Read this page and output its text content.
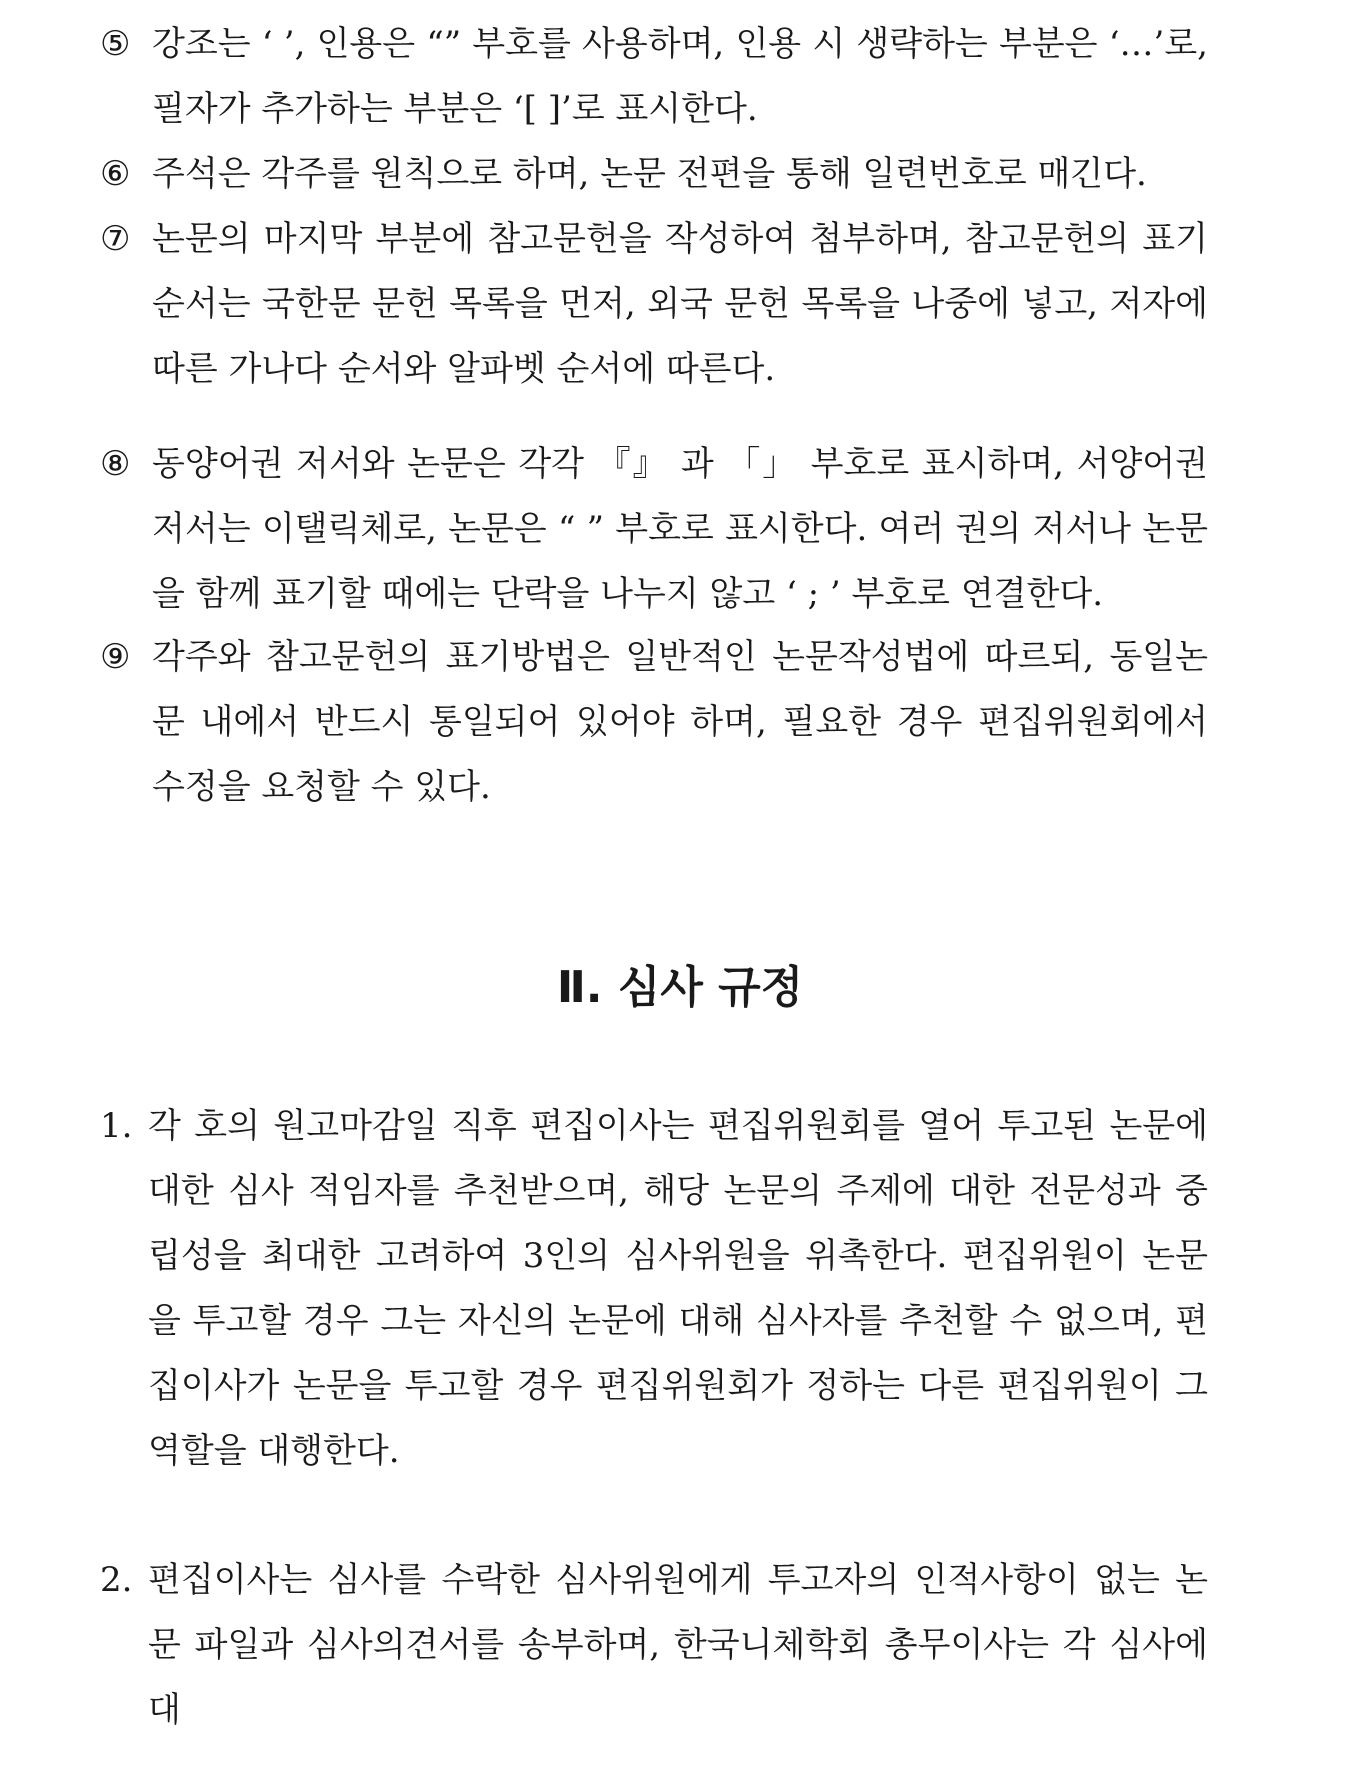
⑤ 강조는 ‘ ’, 인용은 “” 부호를 사용하며, 인용 시 생략하는 부분은 ‘…’로, 필자가 추가하는 부분은 ‘[ ]’로 표시한다.
⑥ 주석은 각주를 원칙으로 하며, 논문 전편을 통해 일련번호로 매긴다.
⑦ 논문의 마지막 부분에 참고문헌을 작성하여 첨부하며, 참고문헌의 표기 순서는 국한문 문헌 목록을 먼저, 외국 문헌 목록을 나중에 넣고, 저자에 따른 가나다 순서와 알파벳 순서에 따른다.
⑧ 동양어권 저서와 논문은 각각 『』 과 「」 부호로 표시하며, 서양어권 저서는 이탤릭체로, 논문은 “ ” 부호로 표시한다. 여러 권의 저서나 논문을 함께 표기할 때에는 단락을 나누지 않고 ‘ ; ’ 부호로 연결한다.
⑨ 각주와 참고문헌의 표기방법은 일반적인 논문작성법에 따르되, 동일논문 내에서 반드시 통일되어 있어야 하며, 필요한 경우 편집위원회에서 수정을 요청할 수 있다.
Ⅱ. 심사 규정
1. 각 호의 원고마감일 직후 편집이사는 편집위원회를 열어 투고된 논문에 대한 심사 적임자를 추천받으며, 해당 논문의 주제에 대한 전문성과 중립성을 최대한 고려하여 3인의 심사위원을 위촉한다. 편집위원이 논문을 투고할 경우 그는 자신의 논문에 대해 심사자를 추천할 수 없으며, 편집이사가 논문을 투고할 경우 편집위원회가 정하는 다른 편집위원이 그 역할을 대행한다.
2. 편집이사는 심사를 수락한 심사위원에게 투고자의 인적사항이 없는 논문 파일과 심사의견서를 송부하며, 한국니체학회 총무이사는 각 심사에 대
